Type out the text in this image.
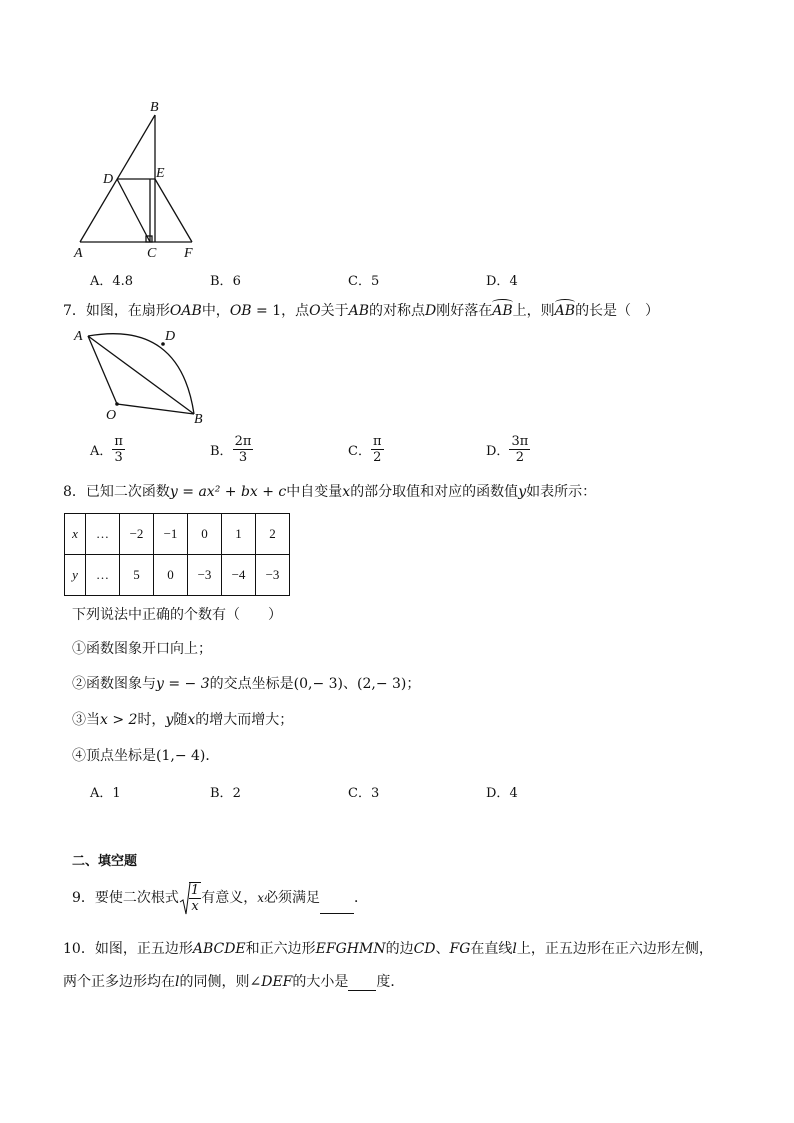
B
D	E
A	C F
A．4.8	B．6	C．5	D．4
7．如图，在扇形OAB中，OB = 1，点O关于AB的对称点D刚好落在AB上，则AB的长是（　）
A	D
O	B
A． $\frac{\pi}{3}$	B． $\frac{2\pi}{3}$	C． $\frac{\pi}{2}$	D． $\frac{3\pi}{2}$
8．已知二次函数y = ax² + bx + c中自变量x的部分取值和对应的函数值y如表所示：
x	…	−2	−1	0	1	2
y	…	5	0	−3	−4	−3
下列说法中正确的个数有（　　）
①函数图象开口向上；
②函数图象与y = − 3的交点坐标是(0,− 3)、(2,− 3)；
③当x > 2时，y随x的增大而增大；
④顶点坐标是(1,− 4)．
A．1	B．2	C．3	D．4
二、填空题
9．要使二次根式 $\frac{1}{x}$ 有意义，x必须满足 ．
10．如图，正五边形ABCDE和正六边形EFGHMN的边CD、FG在直线l上，正五边形在正六边形左侧，
两个正多边形均在l的同侧，则∠DEF的大小是 度．
